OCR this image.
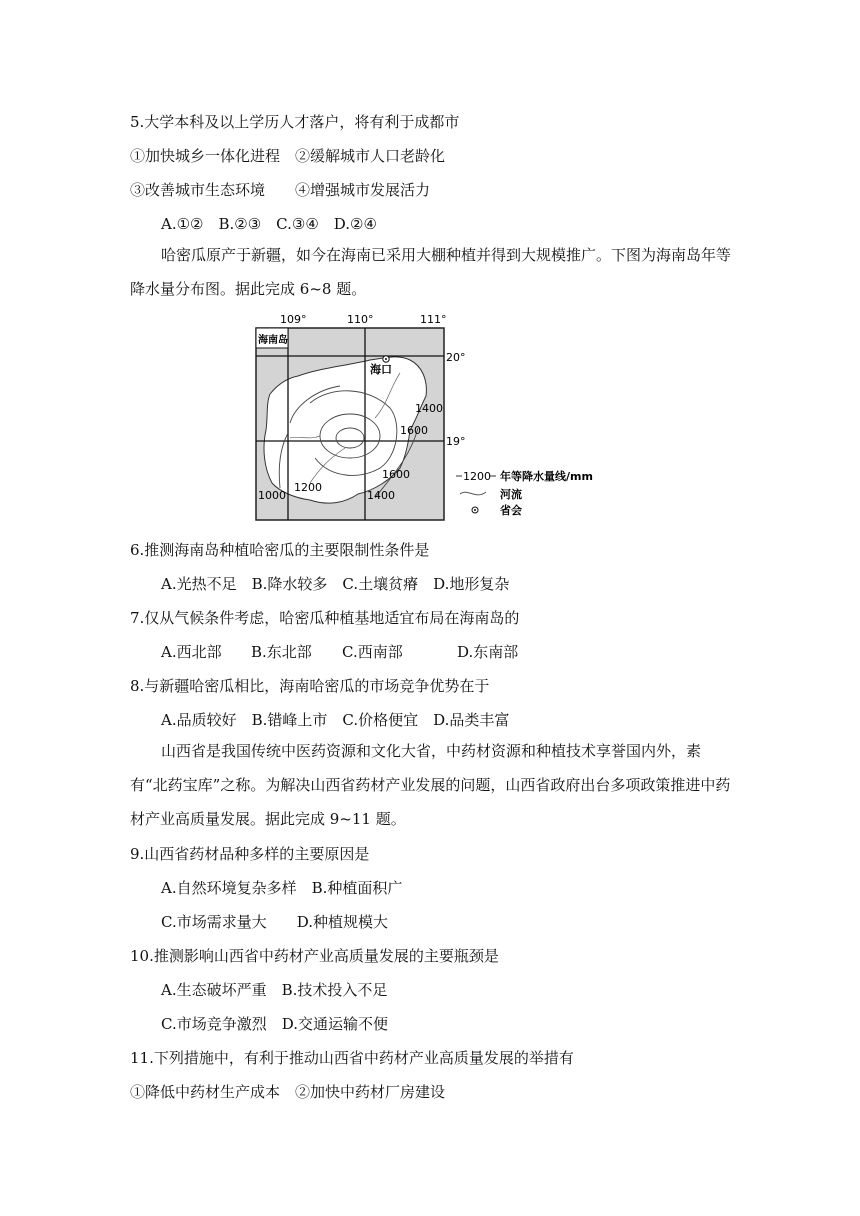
5.大学本科及以上学历人才落户，将有利于成都市
①加快城乡一体化进程　②缓解城市人口老龄化
③改善城市生态环境　　④增强城市发展活力
A.①②　B.②③　C.③④　D.②④
哈密瓜原产于新疆，如今在海南已采用大棚种植并得到大规模推广。下图为海南岛年等降水量分布图。据此完成 6~8 题。
海南岛
109°	110°	111°
20°
19°
海口
1400
1600
1600
1200
1000	1400
1200 年等降水量线/mm
河流
省会
6.推测海南岛种植哈密瓜的主要限制性条件是
A.光热不足　B.降水较多　C.土壤贫瘠　D.地形复杂
7.仅从气候条件考虑，哈密瓜种植基地适宜布局在海南岛的
A.西北部 B.东北部 C.西南部	D.东南部
8.与新疆哈密瓜相比，海南哈密瓜的市场竞争优势在于
A.品质较好　B.错峰上市　C.价格便宜　D.品类丰富
山西省是我国传统中医药资源和文化大省，中药材资源和种植技术享誉国内外，素有“北药宝库”之称。为解决山西省药材产业发展的问题，山西省政府出台多项政策推进中药材产业高质量发展。据此完成 9~11 题。
9.山西省药材品种多样的主要原因是
A.自然环境复杂多样　B.种植面积广
C.市场需求量大　　D.种植规模大
10.推测影响山西省中药材产业高质量发展的主要瓶颈是
A.生态破坏严重　B.技术投入不足
C.市场竞争激烈　D.交通运输不便
11.下列措施中，有利于推动山西省中药材产业高质量发展的举措有
①降低中药材生产成本　②加快中药材厂房建设
